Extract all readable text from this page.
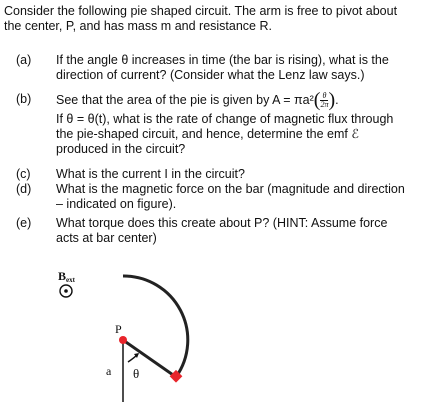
Consider the following pie shaped circuit. The arm is free to pivot about
the center, P, and has mass m and resistance R.
(a)	If the angle θ increases in time (the bar is rising), what is the
direction of current? (Consider what the Lenz law says.)
(b)	See that the area of the pie is given by $A = \pi a^2( \frac{\theta}{2\pi}$ ).
If θ = θ(t), what is the rate of change of magnetic flux through
the pie-shaped circuit, and hence, determine the emf ℰ
produced in the circuit?
(c)	What is the current I in the circuit?
(d)	What is the magnetic force on the bar (magnitude and direction
– indicated on figure).
(e)	What torque does this create about P? (HINT: Assume force
acts at bar center)
Bext
P
a θ
